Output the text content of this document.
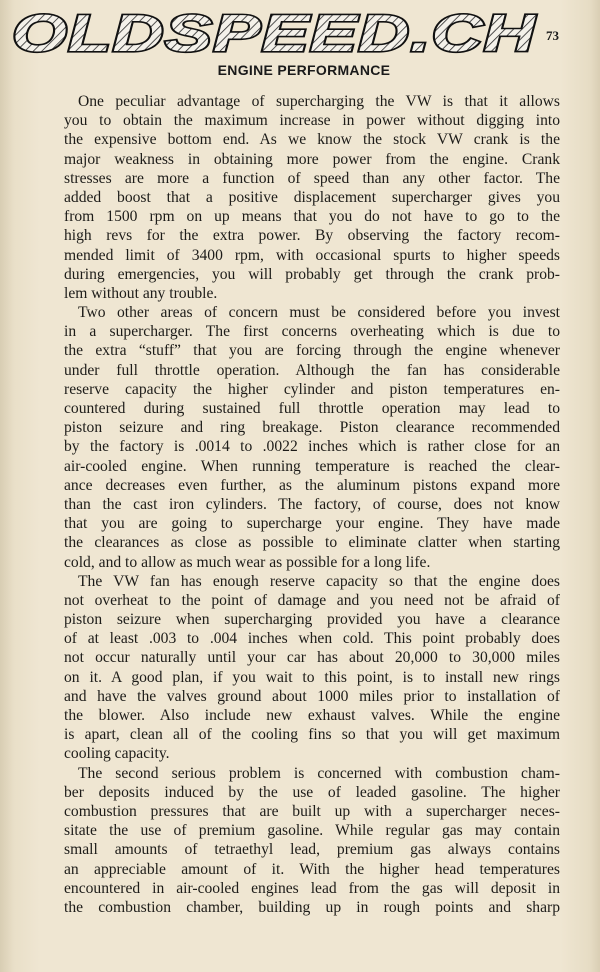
OLDSPEED.CH 73
ENGINE PERFORMANCE
One peculiar advantage of supercharging the VW is that it allows
you to obtain the maximum increase in power without digging into
the expensive bottom end. As we know the stock VW crank is the
major weakness in obtaining more power from the engine. Crank
stresses are more a function of speed than any other factor. The
added boost that a positive displacement supercharger gives you
from 1500 rpm on up means that you do not have to go to the
high revs for the extra power. By observing the factory recom-
mended limit of 3400 rpm, with occasional spurts to higher speeds
during emergencies, you will probably get through the crank prob-
lem without any trouble.
Two other areas of concern must be considered before you invest
in a supercharger. The first concerns overheating which is due to
the extra “stuff” that you are forcing through the engine whenever
under full throttle operation. Although the fan has considerable
reserve capacity the higher cylinder and piston temperatures en-
countered during sustained full throttle operation may lead to
piston seizure and ring breakage. Piston clearance recommended
by the factory is .0014 to .0022 inches which is rather close for an
air-cooled engine. When running temperature is reached the clear-
ance decreases even further, as the aluminum pistons expand more
than the cast iron cylinders. The factory, of course, does not know
that you are going to supercharge your engine. They have made
the clearances as close as possible to eliminate clatter when starting
cold, and to allow as much wear as possible for a long life.
The VW fan has enough reserve capacity so that the engine does
not overheat to the point of damage and you need not be afraid of
piston seizure when supercharging provided you have a clearance
of at least .003 to .004 inches when cold. This point probably does
not occur naturally until your car has about 20,000 to 30,000 miles
on it. A good plan, if you wait to this point, is to install new rings
and have the valves ground about 1000 miles prior to installation of
the blower. Also include new exhaust valves. While the engine
is apart, clean all of the cooling fins so that you will get maximum
cooling capacity.
The second serious problem is concerned with combustion cham-
ber deposits induced by the use of leaded gasoline. The higher
combustion pressures that are built up with a supercharger neces-
sitate the use of premium gasoline. While regular gas may contain
small amounts of tetraethyl lead, premium gas always contains
an appreciable amount of it. With the higher head temperatures
encountered in air-cooled engines lead from the gas will deposit in
the combustion chamber, building up in rough points and sharp
